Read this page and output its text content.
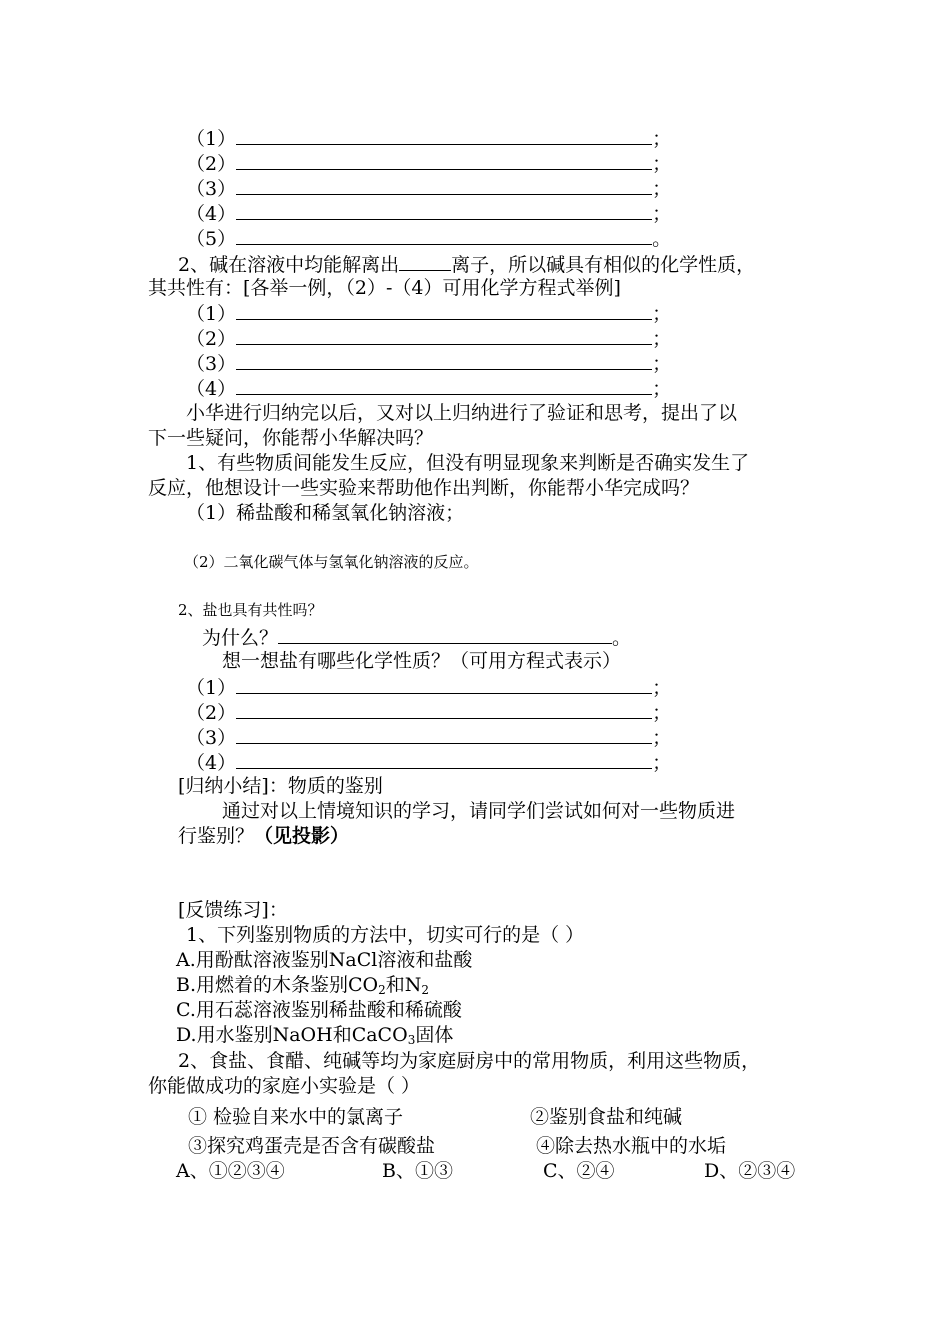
（1）	；
（2）	；
（3）	；
（4）	；
（5）	。
2、碱在溶液中均能解离出	离子，所以碱具有相似的化学性质，
其共性有：[各举一例，（2）-（4）可用化学方程式举例]
（1）	；
（2）	；
（3）	；
（4）	；
小华进行归纳完以后，又对以上归纳进行了验证和思考，提出了以
下一些疑问，你能帮小华解决吗？
1、有些物质间能发生反应，但没有明显现象来判断是否确实发生了
反应，他想设计一些实验来帮助他作出判断，你能帮小华完成吗？
（1）稀盐酸和稀氢氧化钠溶液；
（2）二氧化碳气体与氢氧化钠溶液的反应。
2、盐也具有共性吗？
为什么？	。
想一想盐有哪些化学性质？（可用方程式表示）
（1）	；
（2）	；
（3）	；
（4）	；
[归纳小结]：物质的鉴别
通过对以上情境知识的学习，请同学们尝试如何对一些物质进
行鉴别？（见投影）
[反馈练习]：
1、下列鉴别物质的方法中，切实可行的是（ ）
A.用酚酞溶液鉴别NaCl溶液和盐酸
B.用燃着的木条鉴别$CO_2$和$N_2$
C.用石蕊溶液鉴别稀盐酸和稀硫酸
D.用水鉴别NaOH和CaCO$_3$固体
2、食盐、食醋、纯碱等均为家庭厨房中的常用物质，利用这些物质，
你能做成功的家庭小实验是（ ）
① 检验自来水中的氯离子	②鉴别食盐和纯碱
③探究鸡蛋壳是否含有碳酸盐	④除去热水瓶中的水垢
A、①②③④	B、①③	C、②④	D、②③④
